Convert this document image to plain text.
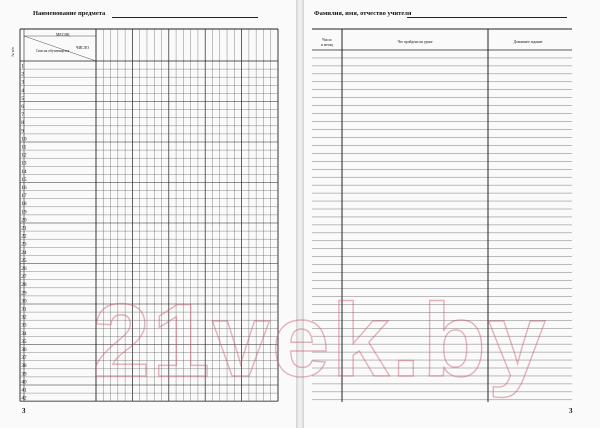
Наименование предмета
1
2
3
4
5
6
7
8
9
10
11
12
13
14
15
16
17
18
19
20
21
22
23
24
25
26
27
28
29
30
31
32
33
34
35
36
37
38
39
40
41
42
№ п/п
МЕСЯЦ
ЧИСЛО
Список обучающихся
3
Фамилия, имя, отчество учителя
Число и месяц
Что пройдено на уроке	Домашнее задание
3
